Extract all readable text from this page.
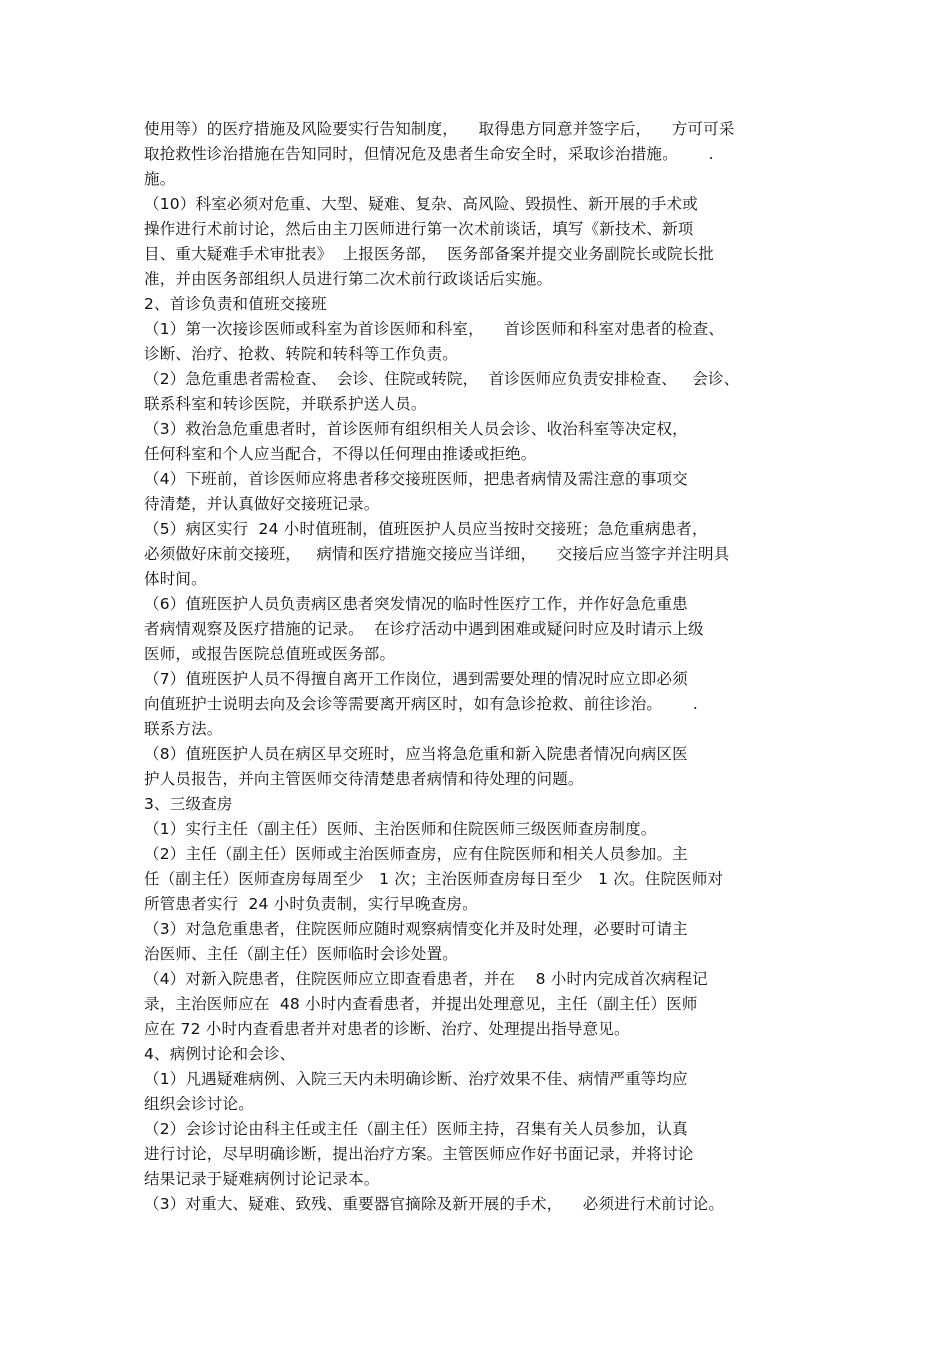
使用等）的医疗措施及风险要实行告知制度，    取得患方同意并签字后，    方可可采
取抢救性诊治措施在告知同时，但情况危及患者生命安全时，采取诊治措施。      .
施。
（10）科室必须对危重、大型、疑难、复杂、高风险、毁损性、新开展的手术或
操作进行术前讨论，然后由主刀医师进行第一次术前谈话，填写《新技术、新项
目、重大疑难手术审批表》  上报医务部，  医务部备案并提交业务副院长或院长批
准，并由医务部组织人员进行第二次术前行政谈话后实施。
2、首诊负责和值班交接班
（1）第一次接诊医师或科室为首诊医师和科室，    首诊医师和科室对患者的检查、
诊断、治疗、抢救、转院和转科等工作负责。
（2）急危重患者需检查、  会诊、住院或转院，  首诊医师应负责安排检查、   会诊、
联系科室和转诊医院，并联系护送人员。
（3）救治急危重患者时，首诊医师有组织相关人员会诊、收治科室等决定权，
任何科室和个人应当配合，不得以任何理由推诿或拒绝。
（4）下班前，首诊医师应将患者移交接班医师，把患者病情及需注意的事项交
待清楚，并认真做好交接班记录。
（5）病区实行  24 小时值班制，值班医护人员应当按时交接班；急危重病患者，
必须做好床前交接班，   病情和医疗措施交接应当详细，    交接后应当签字并注明具
体时间。
（6）值班医护人员负责病区患者突发情况的临时性医疗工作，并作好急危重患
者病情观察及医疗措施的记录。  在诊疗活动中遇到困难或疑问时应及时请示上级
医师，或报告医院总值班或医务部。
（7）值班医护人员不得擅自离开工作岗位，遇到需要处理的情况时应立即必须
向值班护士说明去向及会诊等需要离开病区时，如有急诊抢救、前往诊治。      .
联系方法。
（8）值班医护人员在病区早交班时，应当将急危重和新入院患者情况向病区医
护人员报告，并向主管医师交待清楚患者病情和待处理的问题。
3、三级查房
（1）实行主任（副主任）医师、主治医师和住院医师三级医师查房制度。
（2）主任（副主任）医师或主治医师查房，应有住院医师和相关人员参加。主
任（副主任）医师查房每周至少   1 次；主治医师查房每日至少   1 次。住院医师对
所管患者实行  24 小时负责制，实行早晚查房。
（3）对急危重患者，住院医师应随时观察病情变化并及时处理，必要时可请主
治医师、主任（副主任）医师临时会诊处置。
（4）对新入院患者，住院医师应立即查看患者，并在    8 小时内完成首次病程记
录，主治医师应在  48 小时内查看患者，并提出处理意见，主任（副主任）医师
应在 72 小时内查看患者并对患者的诊断、治疗、处理提出指导意见。
4、病例讨论和会诊、
（1）凡遇疑难病例、入院三天内未明确诊断、治疗效果不佳、病情严重等均应
组织会诊讨论。
（2）会诊讨论由科主任或主任（副主任）医师主持，召集有关人员参加，认真
进行讨论，尽早明确诊断，提出治疗方案。主管医师应作好书面记录，并将讨论
结果记录于疑难病例讨论记录本。
（3）对重大、疑难、致残、重要器官摘除及新开展的手术，    必须进行术前讨论。
